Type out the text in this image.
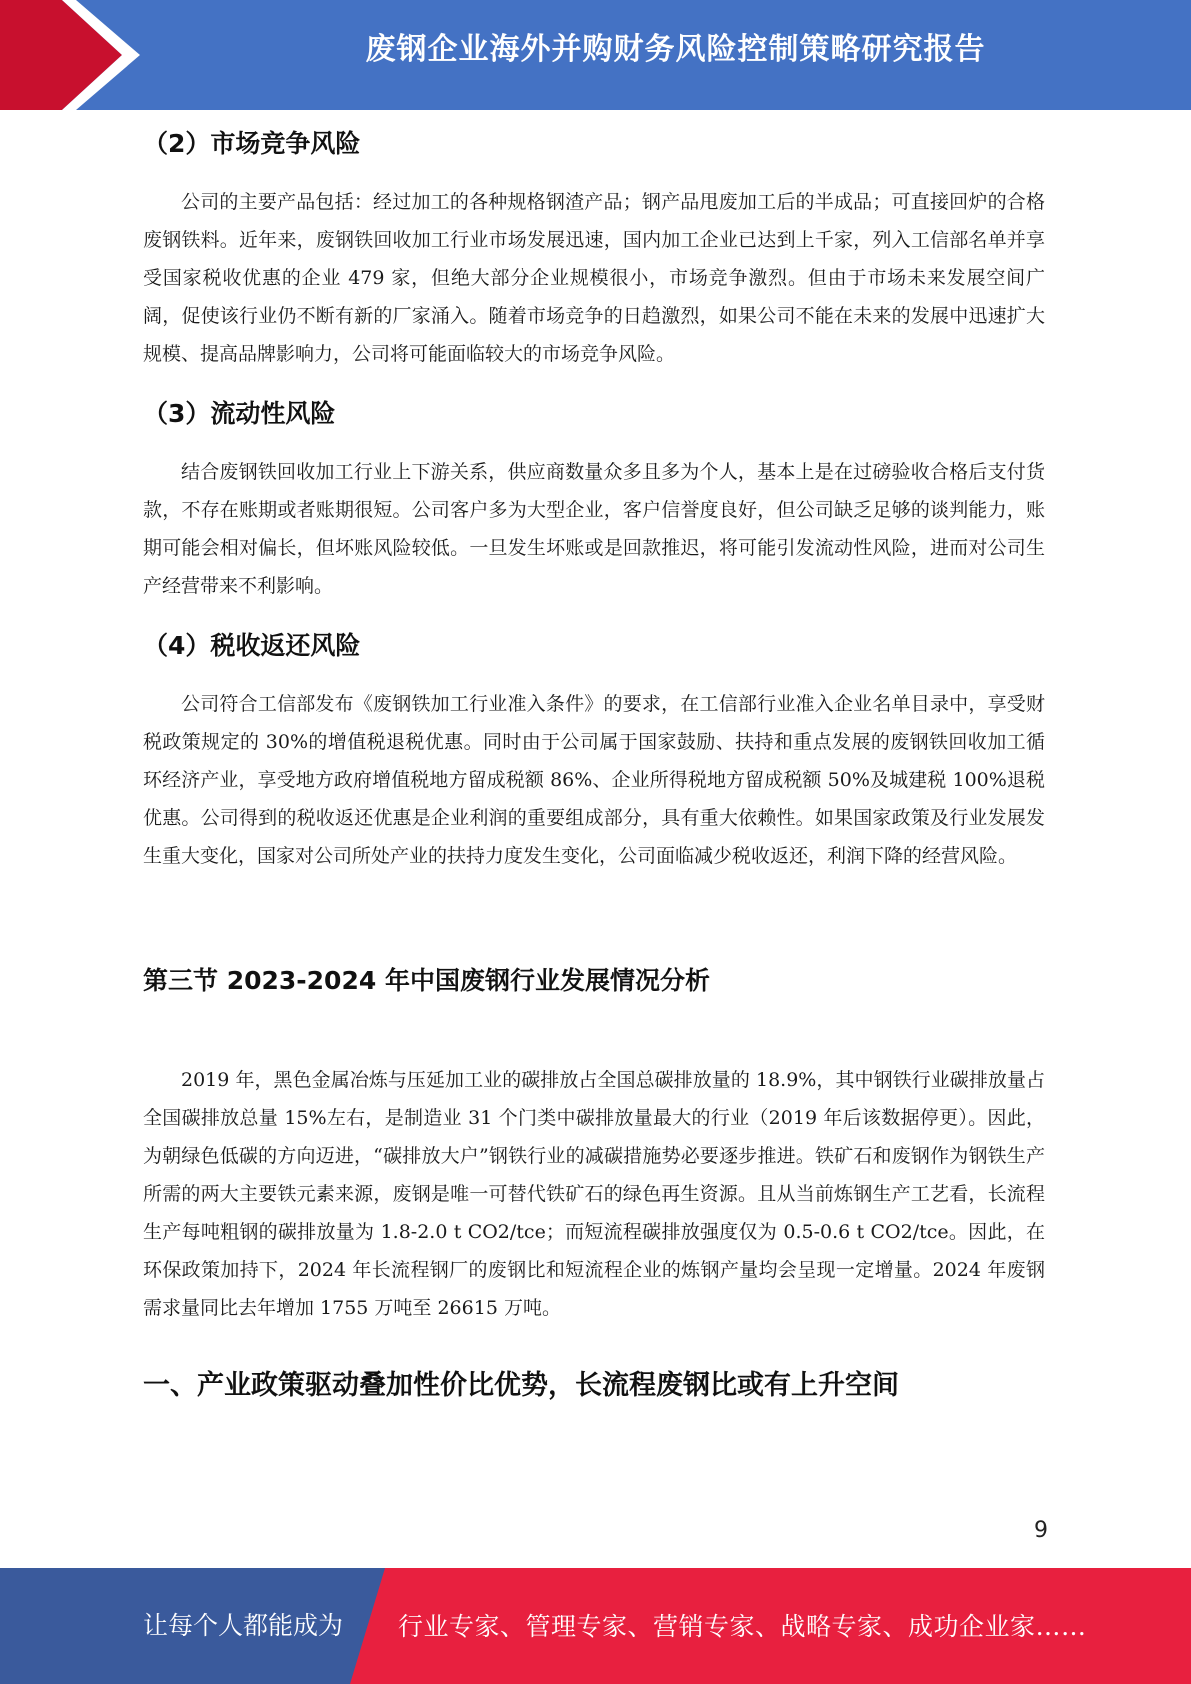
废钢企业海外并购财务风险控制策略研究报告
（2）市场竞争风险

公司的主要产品包括：经过加工的各种规格钢渣产品；钢产品甩废加工后的半成品；可直接回炉的合格废钢铁料。近年来，废钢铁回收加工行业市场发展迅速，国内加工企业已达到上千家，列入工信部名单并享受国家税收优惠的企业 479 家，但绝大部分企业规模很小，市场竞争激烈。但由于市场未来发展空间广阔，促使该行业仍不断有新的厂家涌入。随着市场竞争的日趋激烈，如果公司不能在未来的发展中迅速扩大规模、提高品牌影响力，公司将可能面临较大的市场竞争风险。

（3）流动性风险

结合废钢铁回收加工行业上下游关系，供应商数量众多且多为个人，基本上是在过磅验收合格后支付货款，不存在账期或者账期很短。公司客户多为大型企业，客户信誉度良好，但公司缺乏足够的谈判能力，账期可能会相对偏长，但坏账风险较低。一旦发生坏账或是回款推迟，将可能引发流动性风险，进而对公司生产经营带来不利影响。

（4）税收返还风险

公司符合工信部发布《废钢铁加工行业准入条件》的要求，在工信部行业准入企业名单目录中，享受财税政策规定的 30%的增值税退税优惠。同时由于公司属于国家鼓励、扶持和重点发展的废钢铁回收加工循环经济产业，享受地方政府增值税地方留成税额 86%、企业所得税地方留成税额 50%及城建税 100%退税优惠。公司得到的税收返还优惠是企业利润的重要组成部分，具有重大依赖性。如果国家政策及行业发展发生重大变化，国家对公司所处产业的扶持力度发生变化，公司面临减少税收返还，利润下降的经营风险。

第三节 2023-2024 年中国废钢行业发展情况分析

2019 年，黑色金属冶炼与压延加工业的碳排放占全国总碳排放量的 18.9%，其中钢铁行业碳排放量占全国碳排放总量 15%左右，是制造业 31 个门类中碳排放量最大的行业（2019 年后该数据停更）。因此，为朝绿色低碳的方向迈进，“碳排放大户”钢铁行业的减碳措施势必要逐步推进。铁矿石和废钢作为钢铁生产所需的两大主要铁元素来源，废钢是唯一可替代铁矿石的绿色再生资源。且从当前炼钢生产工艺看，长流程生产每吨粗钢的碳排放量为 1.8-2.0 t CO2/tce；而短流程碳排放强度仅为 0.5-0.6 t CO2/tce。因此，在环保政策加持下，2024 年长流程钢厂的废钢比和短流程企业的炼钢产量均会呈现一定增量。2024 年废钢需求量同比去年增加 1755 万吨至 26615 万吨。

一、产业政策驱动叠加性价比优势，长流程废钢比或有上升空间
9
让每个人都能成为 行业专家、管理专家、营销专家、战略专家、成功企业家……
